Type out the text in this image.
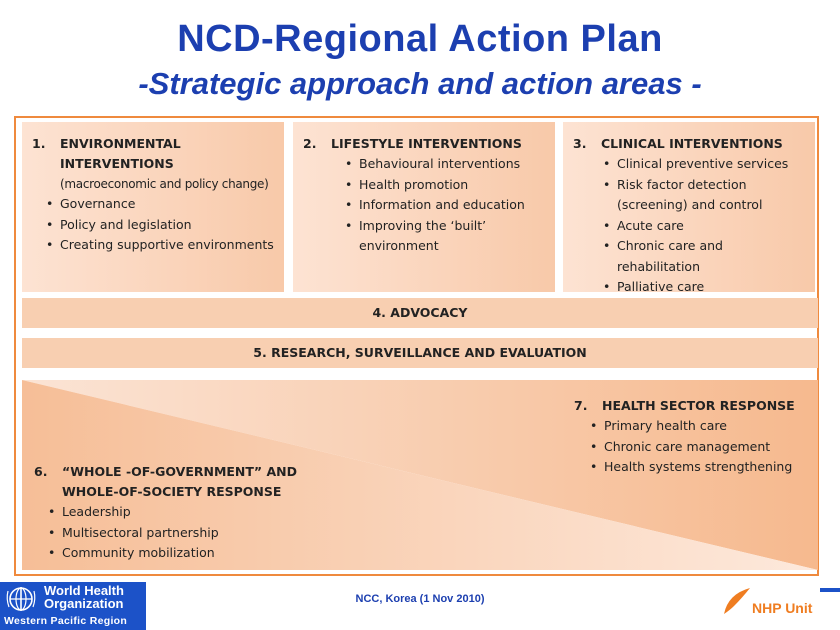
NCD-Regional Action Plan
-Strategic approach and action areas -
1.	ENVIRONMENTAL INTERVENTIONS
(macroeconomic and policy change)
• Governance
• Policy and legislation
• Creating supportive environments
2.	LIFESTYLE INTERVENTIONS
• Behavioural interventions
• Health promotion
• Information and education
• Improving the ‘built’ environment
3.	CLINICAL INTERVENTIONS
• Clinical preventive services
• Risk factor detection (screening) and control
• Acute care
• Chronic care and rehabilitation
• Palliative care
4. ADVOCACY
5. RESEARCH, SURVEILLANCE AND EVALUATION
7.	HEALTH SECTOR RESPONSE
• Primary health care
• Chronic care management
• Health systems strengthening
6.	“WHOLE -OF-GOVERNMENT” AND WHOLE-OF-SOCIETY RESPONSE
• Leadership
• Multisectoral partnership
• Community mobilization
World Health
Organization
Western Pacific Region
NCC, Korea (1 Nov 2010)
NHP Unit
